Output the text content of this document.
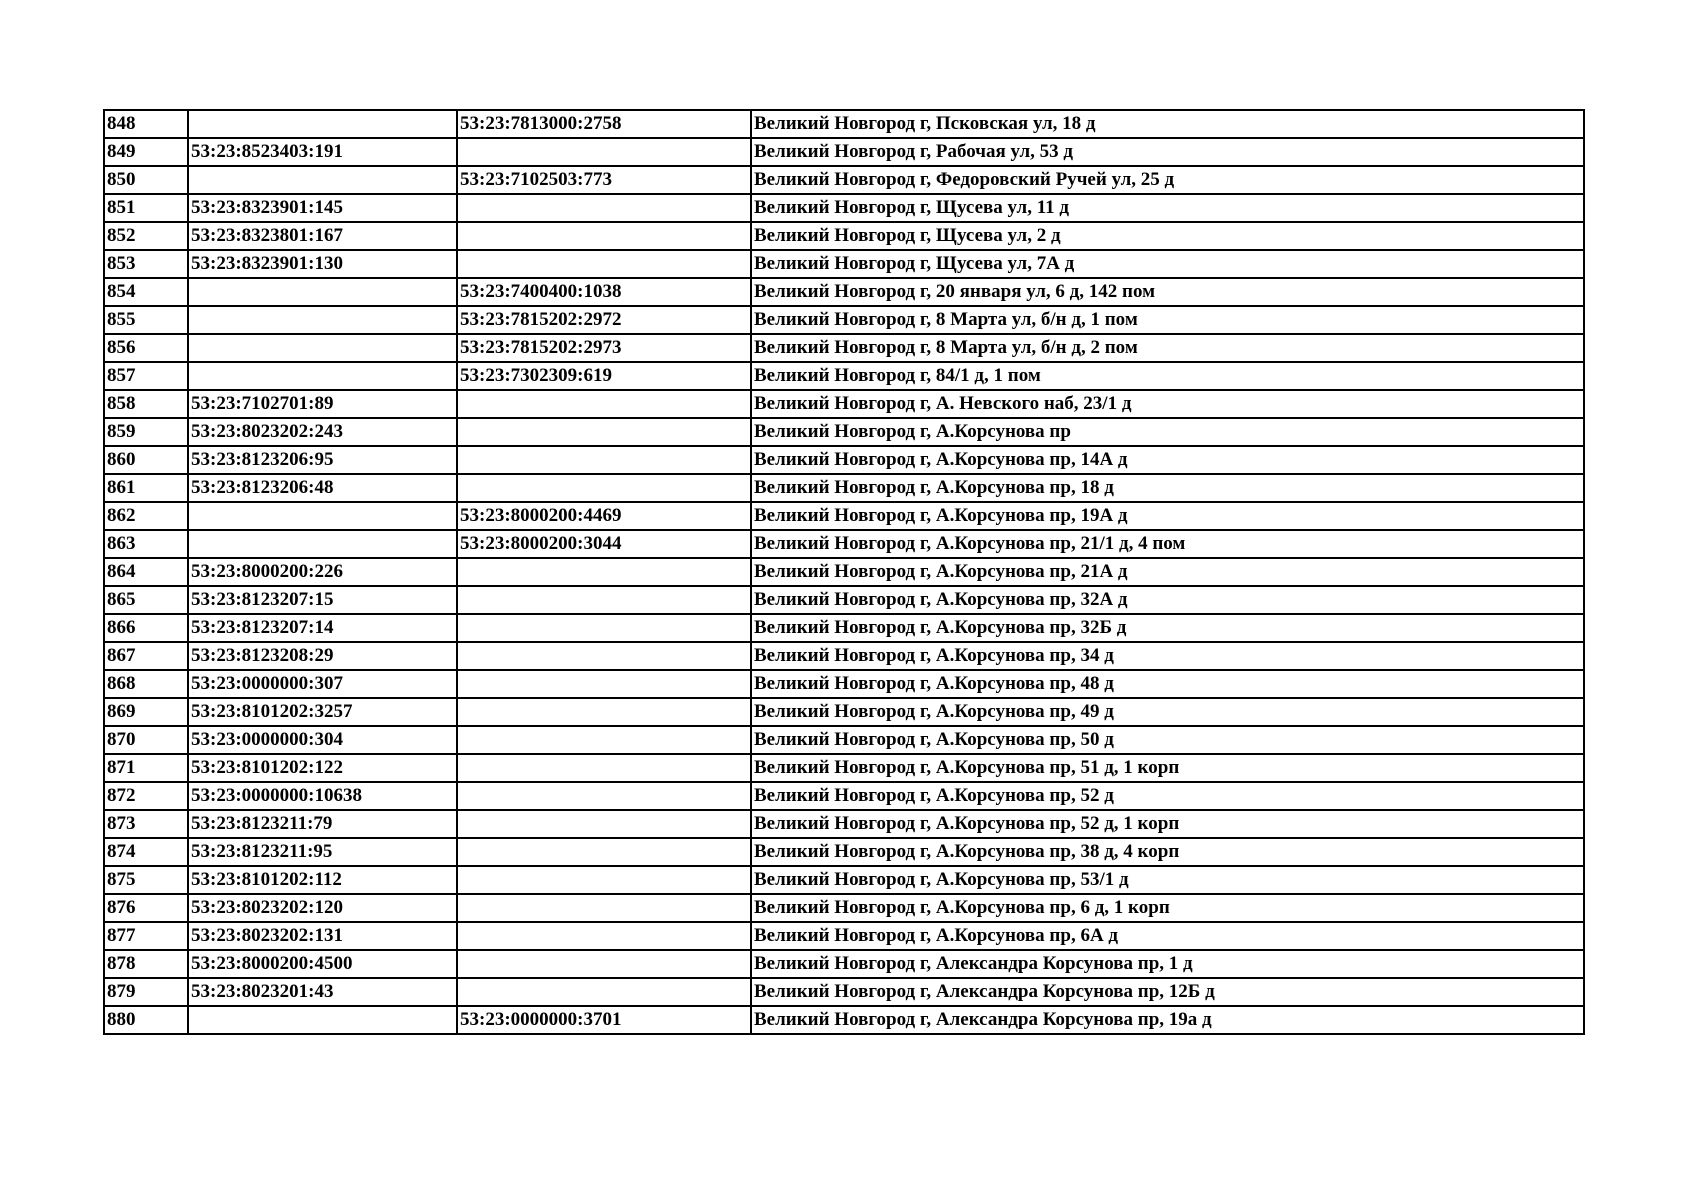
848		53:23:7813000:2758	Великий Новгород г, Псковская ул, 18 д
849	53:23:8523403:191		Великий Новгород г, Рабочая ул, 53 д
850		53:23:7102503:773	Великий Новгород г, Федоровский Ручей ул, 25 д
851	53:23:8323901:145		Великий Новгород г, Щусева ул, 11 д
852	53:23:8323801:167		Великий Новгород г, Щусева ул, 2 д
853	53:23:8323901:130		Великий Новгород г, Щусева ул, 7А д
854		53:23:7400400:1038	Великий Новгород г, 20 января ул, 6 д, 142 пом
855		53:23:7815202:2972	Великий Новгород г, 8 Марта ул, б/н д, 1 пом
856		53:23:7815202:2973	Великий Новгород г, 8 Марта ул, б/н д, 2 пом
857		53:23:7302309:619	Великий Новгород г, 84/1 д, 1 пом
858	53:23:7102701:89		Великий Новгород г, А. Невского наб, 23/1 д
859	53:23:8023202:243		Великий Новгород г, А.Корсунова пр
860	53:23:8123206:95		Великий Новгород г, А.Корсунова пр, 14А д
861	53:23:8123206:48		Великий Новгород г, А.Корсунова пр, 18 д
862		53:23:8000200:4469	Великий Новгород г, А.Корсунова пр, 19А д
863		53:23:8000200:3044	Великий Новгород г, А.Корсунова пр, 21/1 д, 4 пом
864	53:23:8000200:226		Великий Новгород г, А.Корсунова пр, 21А д
865	53:23:8123207:15		Великий Новгород г, А.Корсунова пр, 32А д
866	53:23:8123207:14		Великий Новгород г, А.Корсунова пр, 32Б д
867	53:23:8123208:29		Великий Новгород г, А.Корсунова пр, 34 д
868	53:23:0000000:307		Великий Новгород г, А.Корсунова пр, 48 д
869	53:23:8101202:3257		Великий Новгород г, А.Корсунова пр, 49 д
870	53:23:0000000:304		Великий Новгород г, А.Корсунова пр, 50 д
871	53:23:8101202:122		Великий Новгород г, А.Корсунова пр, 51 д, 1 корп
872	53:23:0000000:10638		Великий Новгород г, А.Корсунова пр, 52 д
873	53:23:8123211:79		Великий Новгород г, А.Корсунова пр, 52 д, 1 корп
874	53:23:8123211:95		Великий Новгород г, А.Корсунова пр, 38 д, 4 корп
875	53:23:8101202:112		Великий Новгород г, А.Корсунова пр, 53/1 д
876	53:23:8023202:120		Великий Новгород г, А.Корсунова пр, 6 д, 1 корп
877	53:23:8023202:131		Великий Новгород г, А.Корсунова пр, 6А д
878	53:23:8000200:4500		Великий Новгород г, Александра Корсунова пр, 1 д
879	53:23:8023201:43		Великий Новгород г, Александра Корсунова пр, 12Б д
880		53:23:0000000:3701	Великий Новгород г, Александра Корсунова пр, 19а д
